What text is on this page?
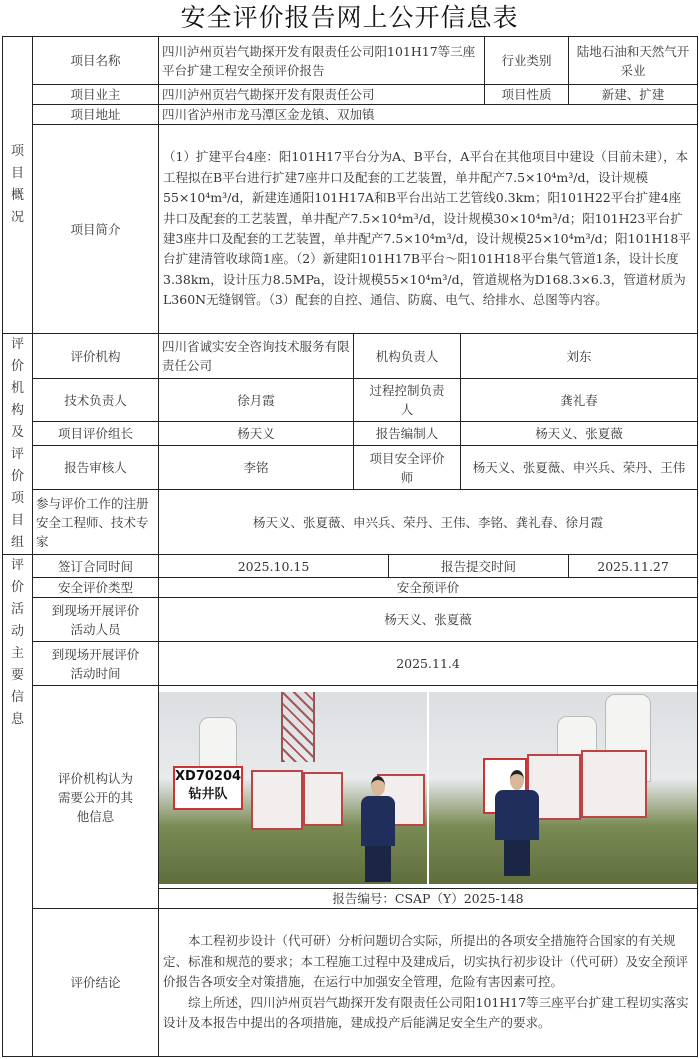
安全评价报告网上公开信息表
项目概况	项目名称	四川泸州页岩气勘探开发有限责任公司阳101H17等三座平台扩建工程安全预评价报告				行业类别	陆地石油和天然气开采业
	项目业主	四川泸州页岩气勘探开发有限责任公司				项目性质	新建、扩建
	项目地址	四川省泸州市龙马潭区金龙镇、双加镇					
	项目简介	（1）扩建平台4座：阳101H17平台分为A、B平台，A平台在其他项目中建设（目前未建），本工程拟在B平台进行扩建7座井口及配套的工艺装置，单井配产7.5×10⁴m³/d，设计规模55×10⁴m³/d，新建连通阳101H17A和B平台出站工艺管线0.3km；阳101H22平台扩建4座井口及配套的工艺装置，单井配产7.5×10⁴m³/d，设计规模30×10⁴m³/d；阳101H23平台扩建3座井口及配套的工艺装置，单井配产7.5×10⁴m³/d，设计规模25×10⁴m³/d；阳101H18平台扩建清管收球筒1座。（2）新建阳101H17B平台～阳101H18平台集气管道1条，设计长度3.38km，设计压力8.5MPa，设计规模55×10⁴m³/d，管道规格为D168.3×6.3，管道材质为L360N无缝钢管。（3）配套的自控、通信、防腐、电气、给排水、总图等内容。					

评价机构及评价项目组	评价机构	四川省诚实安全咨询技术服务有限责任公司	机构负责人		刘东		
	技术负责人	徐月霞	过程控制负责人		龚礼春		
	项目评价组长	杨天义	报告编制人		杨天义、张夏薇		
	报告审核人	李铭	项目安全评价师		杨天义、张夏薇、申兴兵、荣丹、王伟		
	参与评价工作的注册安全工程师、技术专家	杨天义、张夏薇、申兴兵、荣丹、王伟、李铭、龚礼春、徐月霞					

评价活动主要信息	签订合同时间	2025.10.15		报告提交时间			2025.11.27
	安全评价类型	安全预评价					
	到现场开展评价活动人员	杨天义、张夏薇					
	到现场开展评价活动时间	2025.11.4					
	评价机构认为需要公开的其他信息	XD70204 钻井队					

		报告编号：CSAP（Y）2025-148					
	评价结论	本工程初步设计（代可研）分析问题切合实际，所提出的各项安全措施符合国家的有关规定、标准和规范的要求；本工程施工过程中及建成后，切实执行初步设计（代可研）及安全预评价报告各项安全对策措施，在运行中加强安全管理，危险有害因素可控。
综上所述，四川泸州页岩气勘探开发有限责任公司阳101H17等三座平台扩建工程切实落实设计及本报告中提出的各项措施，建成投产后能满足安全生产的要求。					
